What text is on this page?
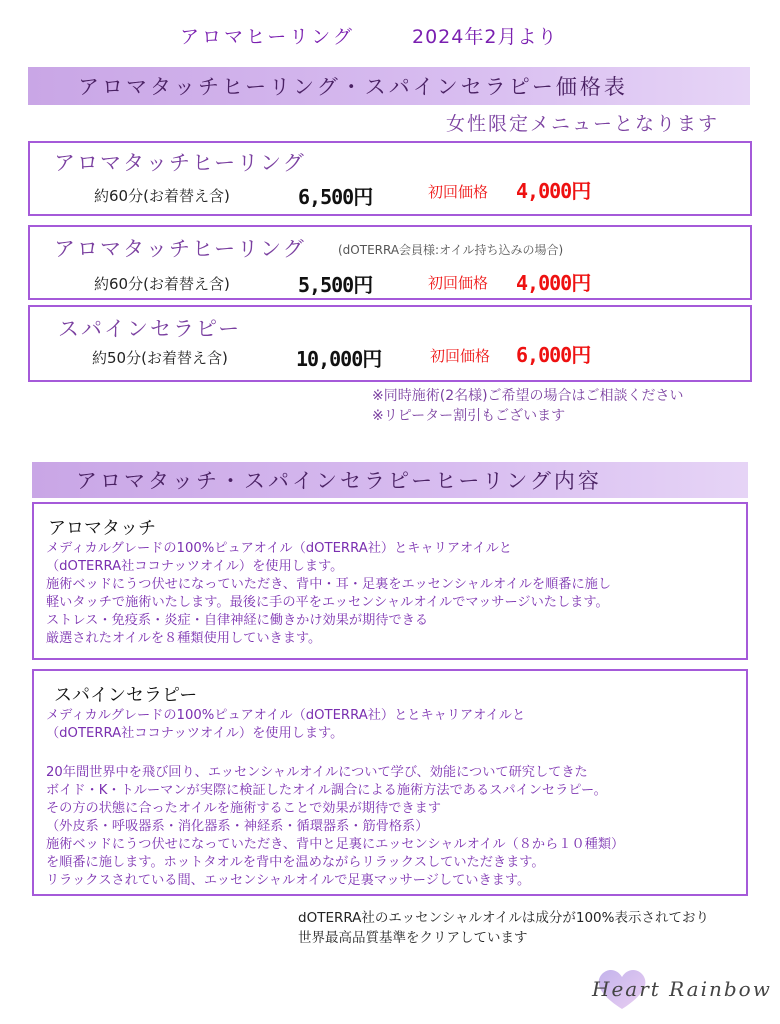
アロマヒーリング	2024年2月より
アロマタッチヒーリング・スパインセラピー価格表
女性限定メニューとなります
アロマタッチヒーリング
約60分(お着替え含)	6,500円	初回価格 4,000円
アロマタッチヒーリング	(dOTERRA会員様:オイル持ち込みの場合)
約60分(お着替え含)	5,500円	初回価格 4,000円
スパインセラピー
約50分(お着替え含)	10,000円	初回価格 6,000円
※同時施術(2名様)ご希望の場合はご相談ください
※リピーター割引もございます
アロマタッチ・スパインセラピーヒーリング内容
アロマタッチ
メディカルグレードの100%ピュアオイル（dOTERRA社）とキャリアオイルと
（dOTERRA社ココナッツオイル）を使用します。
施術ベッドにうつ伏せになっていただき、背中・耳・足裏をエッセンシャルオイルを順番に施し
軽いタッチで施術いたします。最後に手の平をエッセンシャルオイルでマッサージいたします。
ストレス・免疫系・炎症・自律神経に働きかけ効果が期待できる
厳選されたオイルを８種類使用していきます。
スパインセラピー
メディカルグレードの100%ピュアオイル（dOTERRA社）ととキャリアオイルと
（dOTERRA社ココナッツオイル）を使用します。
20年間世界中を飛び回り、エッセンシャルオイルについて学び、効能について研究してきた
ボイド・K・トルーマンが実際に検証したオイル調合による施術方法であるスパインセラピー。
その方の状態に合ったオイルを施術することで効果が期待できます
（外皮系・呼吸器系・消化器系・神経系・循環器系・筋骨格系）
施術ベッドにうつ伏せになっていただき、背中と足裏にエッセンシャルオイル（８から１０種類）
を順番に施します。ホットタオルを背中を温めながらリラックスしていただきます。
リラックスされている間、エッセンシャルオイルで足裏マッサージしていきます。
dOTERRA社のエッセンシャルオイルは成分が100%表示されており
世界最高品質基準をクリアしています
Heart Rainbow
